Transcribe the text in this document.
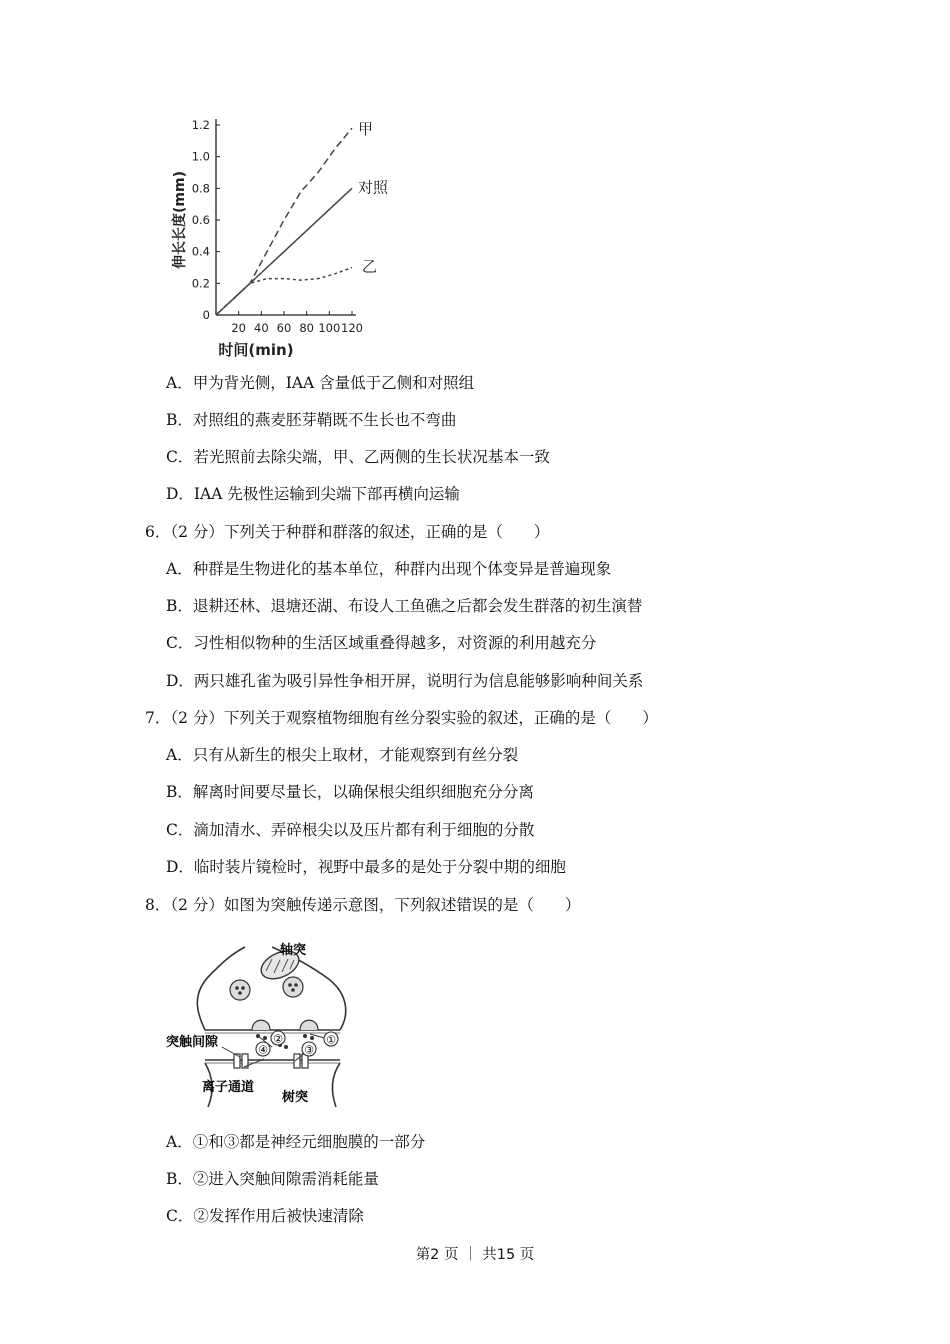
0
0.2
0.4
0.6
0.8
1.0
1.2
20 40 60 80 100 120
甲
对照
乙
时间(min)
伸长长度(mm)
A．甲为背光侧，IAA 含量低于乙侧和对照组
B．对照组的燕麦胚芽鞘既不生长也不弯曲
C．若光照前去除尖端，甲、乙两侧的生长状况基本一致
D．IAA 先极性运输到尖端下部再横向运输
6．（2 分）下列关于种群和群落的叙述，正确的是（　　）
A．种群是生物进化的基本单位，种群内出现个体变异是普遍现象
B．退耕还林、退塘还湖、布设人工鱼礁之后都会发生群落的初生演替
C．习性相似物种的生活区域重叠得越多，对资源的利用越充分
D．两只雄孔雀为吸引异性争相开屏，说明行为信息能够影响种间关系
7．（2 分）下列关于观察植物细胞有丝分裂实验的叙述，正确的是（　　）
A．只有从新生的根尖上取材，才能观察到有丝分裂
B．解离时间要尽量长，以确保根尖组织细胞充分分离
C．滴加清水、弄碎根尖以及压片都有利于细胞的分散
D．临时装片镜检时，视野中最多的是处于分裂中期的细胞
8．（2 分）如图为突触传递示意图，下列叙述错误的是（　　）
①
②
③
④
轴突
突触间隙
离子通道
树突
A．①和③都是神经元细胞膜的一部分
B．②进入突触间隙需消耗能量
C．②发挥作用后被快速清除
第2 页 ｜ 共15 页
